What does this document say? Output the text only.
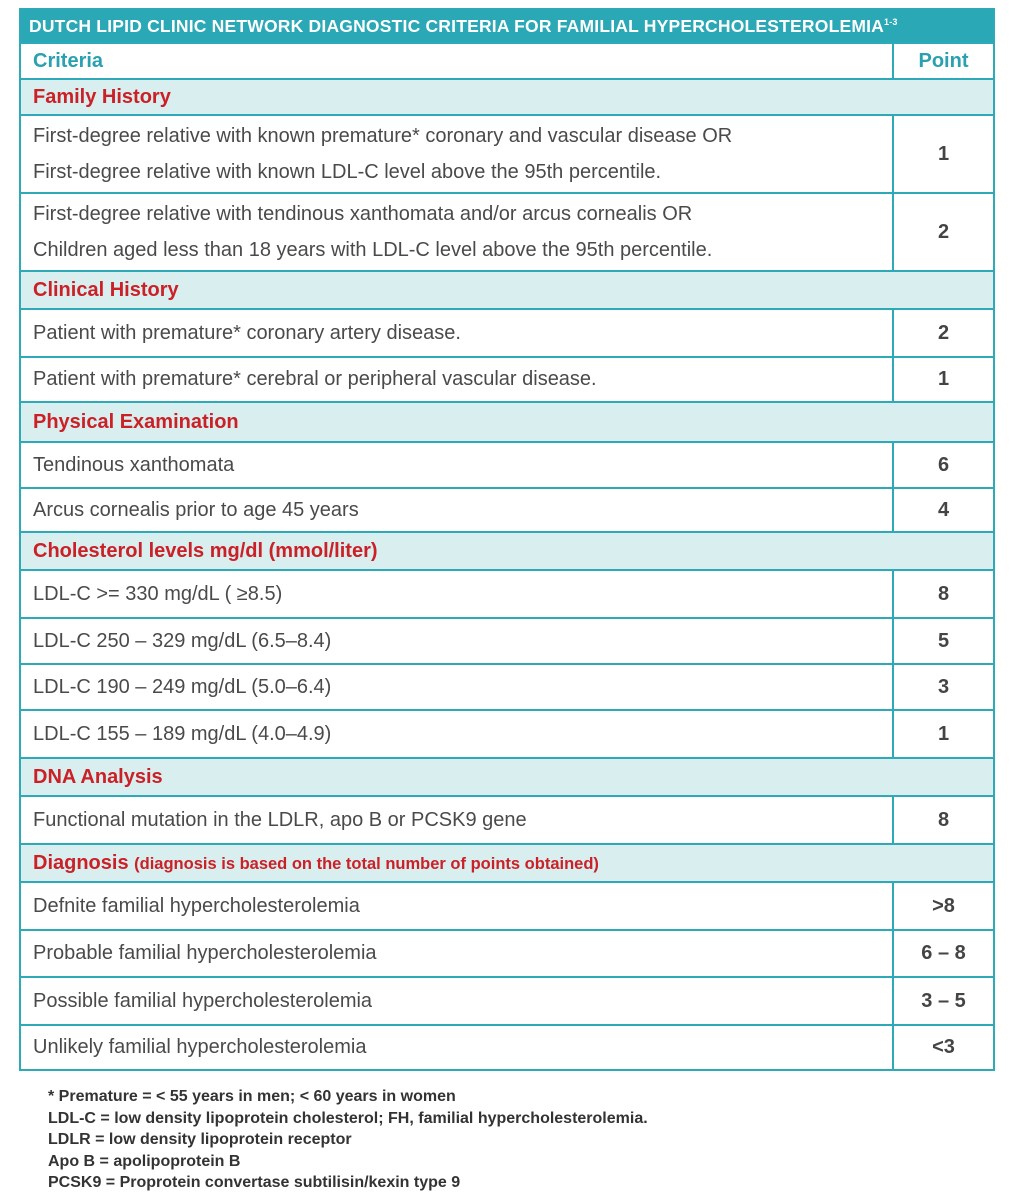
DUTCH LIPID CLINIC NETWORK DIAGNOSTIC CRITERIA FOR FAMILIAL HYPERCHOLESTEROLEMIA$^{1-3}$
Criteria	Point
Family History	

First-degree relative with known premature* coronary and vascular disease OR
First-degree relative with known LDL-C level above the 95th percentile.	1

First-degree relative with tendinous xanthomata and/or arcus cornealis OR
Children aged less than 18 years with LDL-C level above the 95th percentile.	2
Clinical History	
Patient with premature* coronary artery disease.	2
Patient with premature* cerebral or peripheral vascular disease.	1
Physical Examination	
Tendinous xanthomata	6
Arcus cornealis prior to age 45 years	4
Cholesterol levels mg/dl (mmol/liter)	
LDL-C >= 330 mg/dL ( ≥8.5)	8
LDL-C 250 – 329 mg/dL (6.5–8.4)	5
LDL-C 190 – 249 mg/dL (5.0–6.4)	3
LDL-C 155 – 189 mg/dL (4.0–4.9)	1
DNA Analysis	
Functional mutation in the LDLR, apo B or PCSK9 gene	8
Diagnosis (diagnosis is based on the total number of points obtained)	
Defnite familial hypercholesterolemia	>8
Probable familial hypercholesterolemia	6 – 8
Possible familial hypercholesterolemia	3 – 5
Unlikely familial hypercholesterolemia	<3
* Premature = < 55 years in men; < 60 years in women
LDL-C = low density lipoprotein cholesterol; FH, familial hypercholesterolemia.
LDLR = low density lipoprotein receptor
Apo B = apolipoprotein B
PCSK9 = Proprotein convertase subtilisin/kexin type 9
